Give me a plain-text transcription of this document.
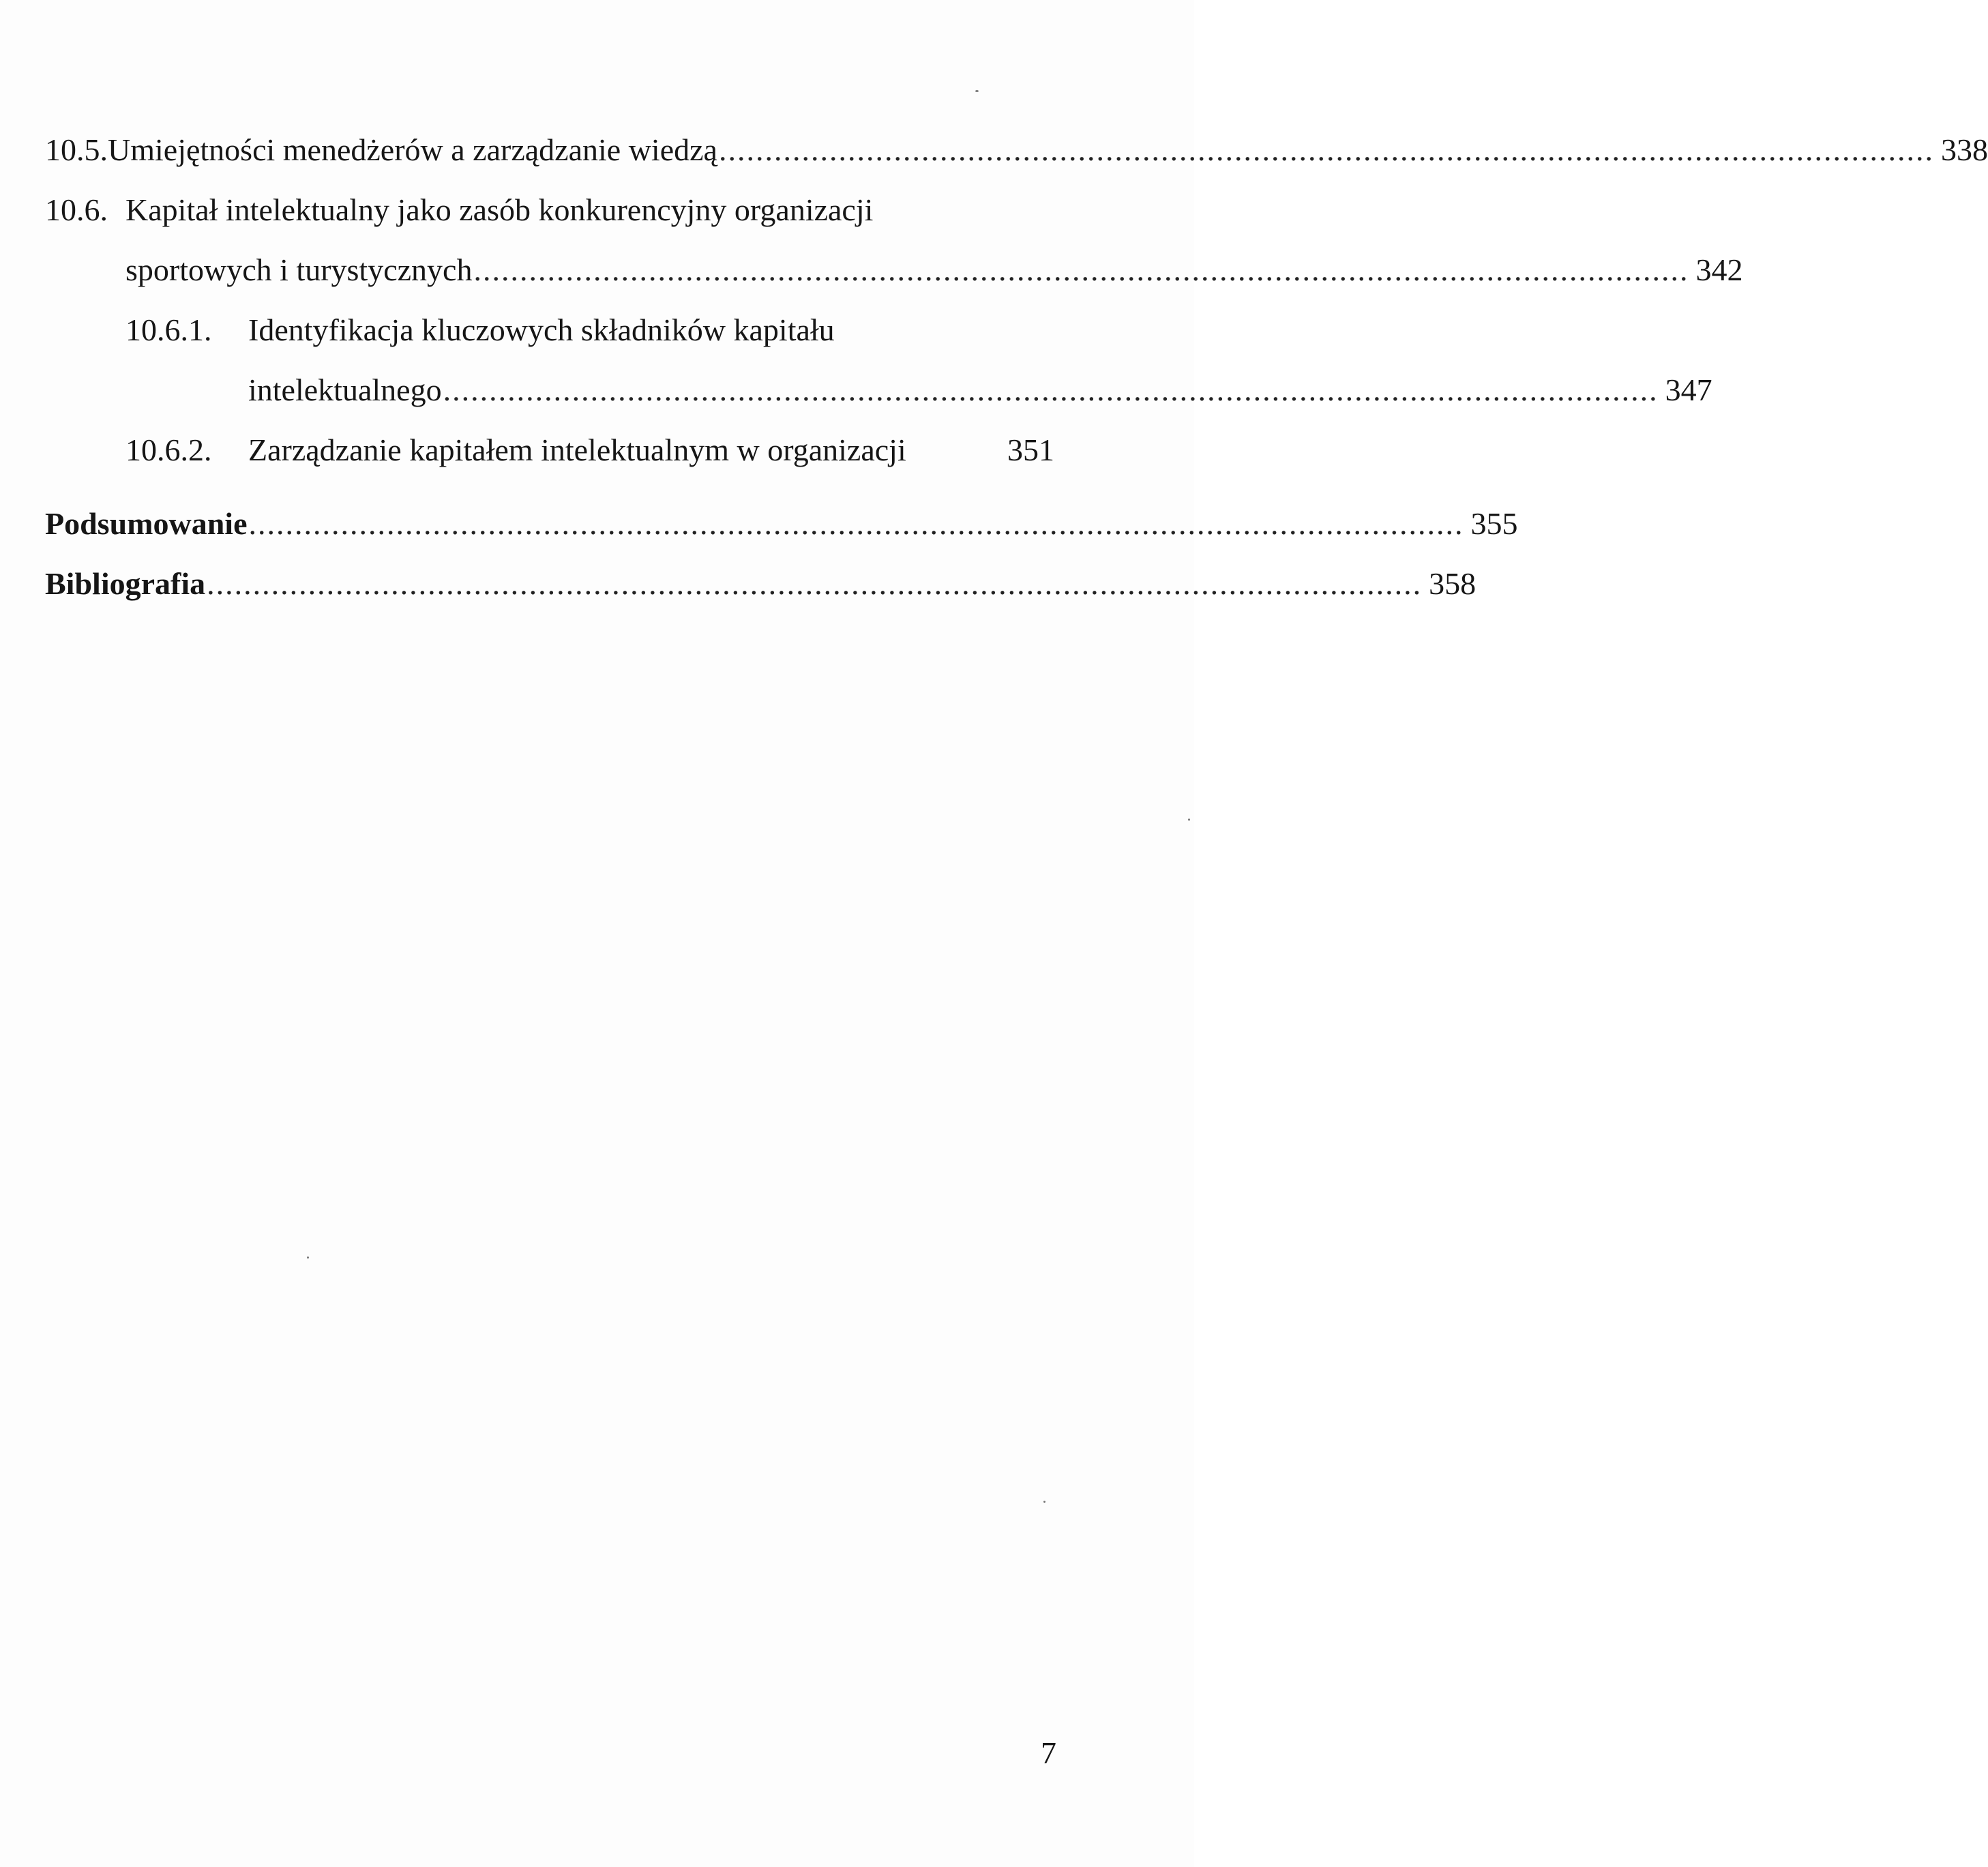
10.5. Umiejętności menedżerów a zarządzanie wiedzą .................................................................................................................................... 338
10.6. Kapitał intelektualny jako zasób konkurencyjny organizacji
sportowych i turystycznych .................................................................................................................................... 342
10.6.1.	Identyfikacja kluczowych składników kapitału
intelektualnego .................................................................................................................................... 347
10.6.2.	Zarządzanie kapitałem intelektualnym w organizacji	351
Podsumowanie .................................................................................................................................... 355
Bibliografia .................................................................................................................................... 358
7
